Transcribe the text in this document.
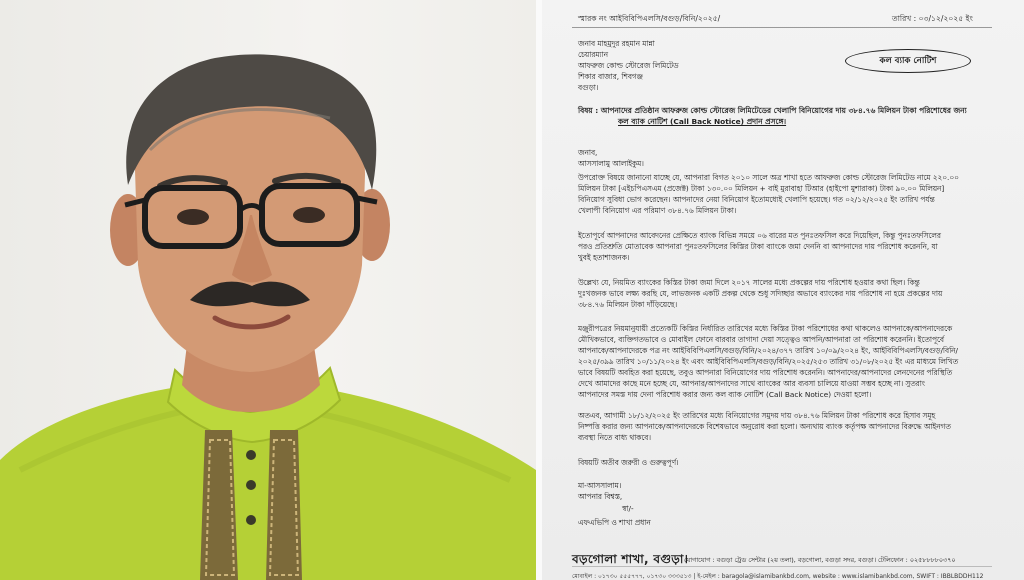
স্মারক নং আইবিবিপিএলসি/বগুড়/বিনি/২০২৫/	তারিখ : ০৩/১২/২০২৫ ইং
কল ব্যাক নোটিশ
জনাব মাহমুদুর রহমান মান্না
চেয়ারম্যান
আফরুজ কোল্ড স্টোরেজ লিমিটেড
শিকার বাজার, শিবগঞ্জ
বগুড়া।
বিষয় : আপনাদের প্রতিষ্ঠান আফরুজ কোল্ড স্টোরেজ লিমিটেডের খেলাপি বিনিয়োগের দায় ৩৮৪.৭৬ মিলিয়ন টাকা পরিশোধের জন্য
কল ব্যাক নোটিশ (Call Back Notice) প্রদান প্রসঙ্গে।
জনাব,
আসসালামু আলাইকুম।
উপরোক্ত বিষয়ে জানানো যাচ্ছে যে, আপনারা বিগত ২০১০ সালে অত্র শাখা হতে আফরুজ কোল্ড স্টোরেজ লিমিটেড নামে ২২০.০০
মিলিয়ন টাকা [এইচপিএসএম (প্রজেক্ট) টাকা ১৩০.০০ মিলিয়ন + বাই মুরাবাহা টিআর (হাইপো মুশারাকা) টাকা ৯০.০০ মিলিয়ন]
বিনিয়োগ সুবিধা ভোগ করেছেন। আপনাদের নেয়া বিনিয়োগ ইতোমধ্যেই খেলাপি হয়েছে। গত ০২/১২/২০২৫ ইং তারিখ পর্যন্ত
খেলাপী বিনিয়োগ এর পরিমাণ ৩৮৪.৭৬ মিলিয়ন টাকা।
ইতোপূর্বে আপনাদের আবেদনের প্রেক্ষিতে ব্যাংক বিভিন্ন সময়ে ০৬ বারের মত পুনঃতফসিল করে দিয়েছিল, কিন্তু পুনঃতফসিলের
পরও প্রতিশ্রুতি মোতাবেক আপনারা পুনঃতফসিলের কিস্তির টাকা ব্যাংকে জমা দেননি বা আপনাদের দায় পরিশোধ করেননি, যা
খুবই হতাশাজনক।
উল্লেখ্য যে, নিয়মিত ব্যাংকের কিস্তির টাকা জমা দিলে ২০১৭ সালের মধ্যে প্রকল্পের দায় পরিশোধ হওয়ার কথা ছিল। কিন্তু
দুঃখজনক ভাবে লক্ষ্য করছি যে, লাভজনক একটি প্রকল্প থেকে শুধু সদিচ্ছার অভাবে ব্যাংকের দায় পরিশোধ না হয়ে প্রকল্পের দায়
৩৮৪.৭৬ মিলিয়ন টাকা দাঁড়িয়েছে।
মঞ্জুরীপত্রের নিয়মানুযায়ী প্রত্যেকটি কিস্তির নির্ধারিত তারিখের মধ্যে কিস্তির টাকা পরিশোধের কথা থাকলেও আপনাকে/আপনাদেরকে
মৌখিকভাবে, ব্যক্তিগতভাবে ও মোবাইল ফোনে বারবার তাগাদা দেয়া সত্ত্বেও আপনি/আপনারা তা পরিশোধ করেননি। ইতোপূর্বে
আপনাকে/আপনাদেরকে পত্র নং আইবিবিপিএলসি/বগুড়/বিনি/২০২৪/৩৭৭ তারিখ ১০/০৯/২০২৪ ইং, আইবিবিপিএলসি/বগুড়/বিনি/
২০২৫/৩৯৯ তারিখ ১০/১১/২০২৪ ইং এবং আইবিবিপিএলসি/বগুড়/বিনি/২০২৫/২৫৩ তারিখ ৩১/০৮/২০২৫ ইং এর মাধ্যমে লিখিত
ভাবে বিষয়টি অবহিত করা হয়েছে, তবুও আপনারা বিনিয়োগের দায় পরিশোধ করেননি। আপনাদের/আপনাদের লেনদেনের পরিস্থিতি
দেখে আমাদের কাছে মনে হচ্ছে যে, আপনার/আপনাদের সাথে ব্যাংকের আর ব্যবসা চালিয়ে যাওয়া সম্ভব হচ্ছে না। সুতরাং
আপনাদের সমস্ত দায় দেনা পরিশোধ করার জন্য কল ব্যাক নোটিশ (Call Back Notice) দেওয়া হলো।
অতএব, আগামী ১৮/১২/২০২৫ ইং তারিখের মধ্যে বিনিয়োগের সমুদয় দায় ৩৮৪.৭৬ মিলিয়ন টাকা পরিশোধ করে হিসাব সমূহ
নিষ্পত্তি করার জন্য আপনাকে/আপনাদেরকে বিশেষভাবে অনুরোধ করা হলো। অন্যথায় ব্যাংক কর্তৃপক্ষ আপনাদের বিরুদ্ধে আইনগত
ব্যবস্থা নিতে বাধ্য থাকবে।
বিষয়টি অতীব জরুরী ও গুরুত্বপূর্ণ।
মা-আসসালাম।
আপনার বিশ্বস্ত,
স্বা/-
এফএভিপি ও শাখা প্রধান
বড়গোলা শাখা, বগুড়া।
যোগাযোগ : বগুড়া ট্রেড সেন্টার (২য় তলা), বড়গোলা, বগুড়া সদর, বগুড়া। টেলিফোন : ০২৫৮৮৮৮০৩৭০
মোবাইল : ০১৭৩০ ৫৫৫৭৭৭, ০১৭৩০ ৩৩৩৫১৩ | ই-মেইল : baragola@islamibankbd.com, website : www.islamibankbd.com, SWIFT : IBBLBDDH112
